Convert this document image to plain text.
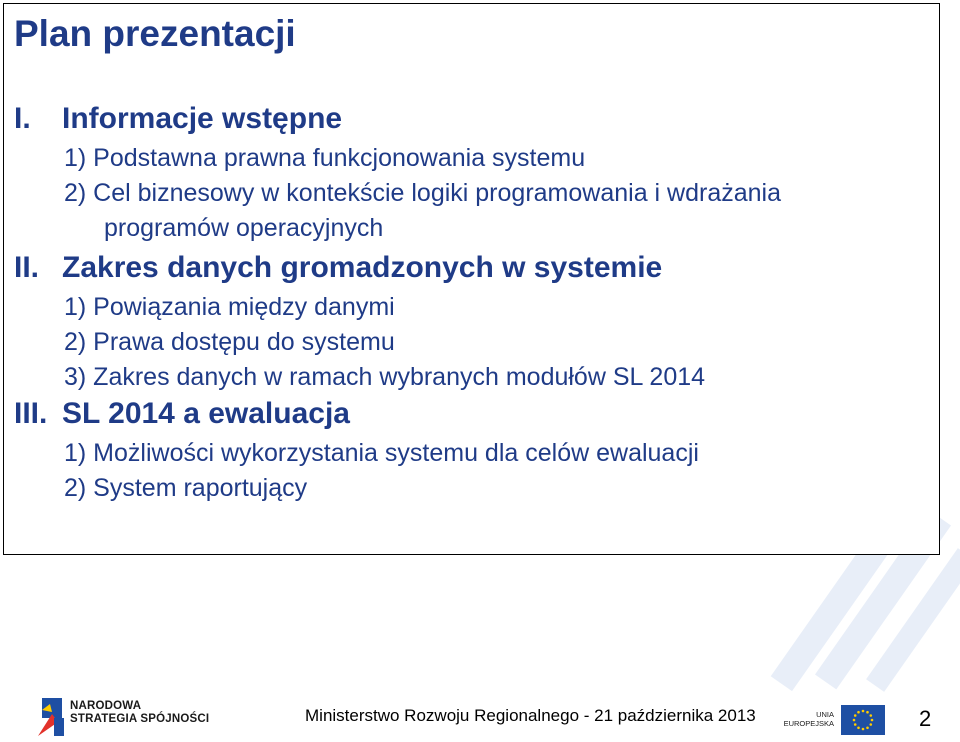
Plan prezentacji
I. Informacje wstępne
1) Podstawna prawna funkcjonowania systemu
2) Cel biznesowy w kontekście logiki programowania i wdrażania
programów operacyjnych
II. Zakres danych gromadzonych w systemie
1) Powiązania między danymi
2) Prawa dostępu do systemu
3) Zakres danych w ramach wybranych modułów SL 2014
III. SL 2014 a ewaluacja
1) Możliwości wykorzystania systemu dla celów ewaluacji
2) System raportujący
NARODOWA
STRATEGIA SPÓJNOŚCI	Ministerstwo Rozwoju Regionalnego - 21 października 2013	UNIA
EUROPEJSKA	2
